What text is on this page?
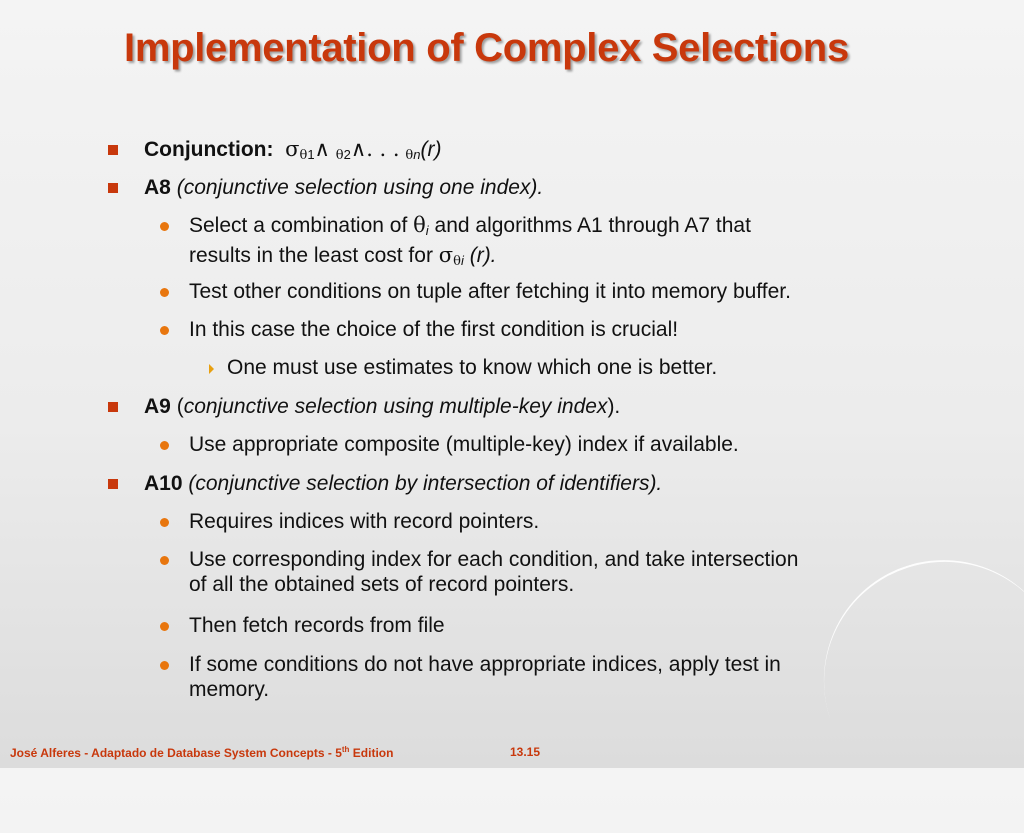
Implementation of Complex Selections
Conjunction: $\sigma_{\theta 1}\wedge$ $_{\theta 2}$∧. . . $_{\theta n}$(r)
A8 (conjunctive selection using one index).
Select a combination of $\theta_i$ and algorithms A1 through A7 that
results in the least cost for $\sigma_{\theta i}$ (r).
Test other conditions on tuple after fetching it into memory buffer.
In this case the choice of the first condition is crucial!
One must use estimates to know which one is better.
A9 (conjunctive selection using multiple-key index).
Use appropriate composite (multiple-key) index if available.
A10 (conjunctive selection by intersection of identifiers).
Requires indices with record pointers.
Use corresponding index for each condition, and take intersection
of all the obtained sets of record pointers.
Then fetch records from file
If some conditions do not have appropriate indices, apply test in
memory.
José Alferes - Adaptado de Database System Concepts - 5th Edition	13.15
